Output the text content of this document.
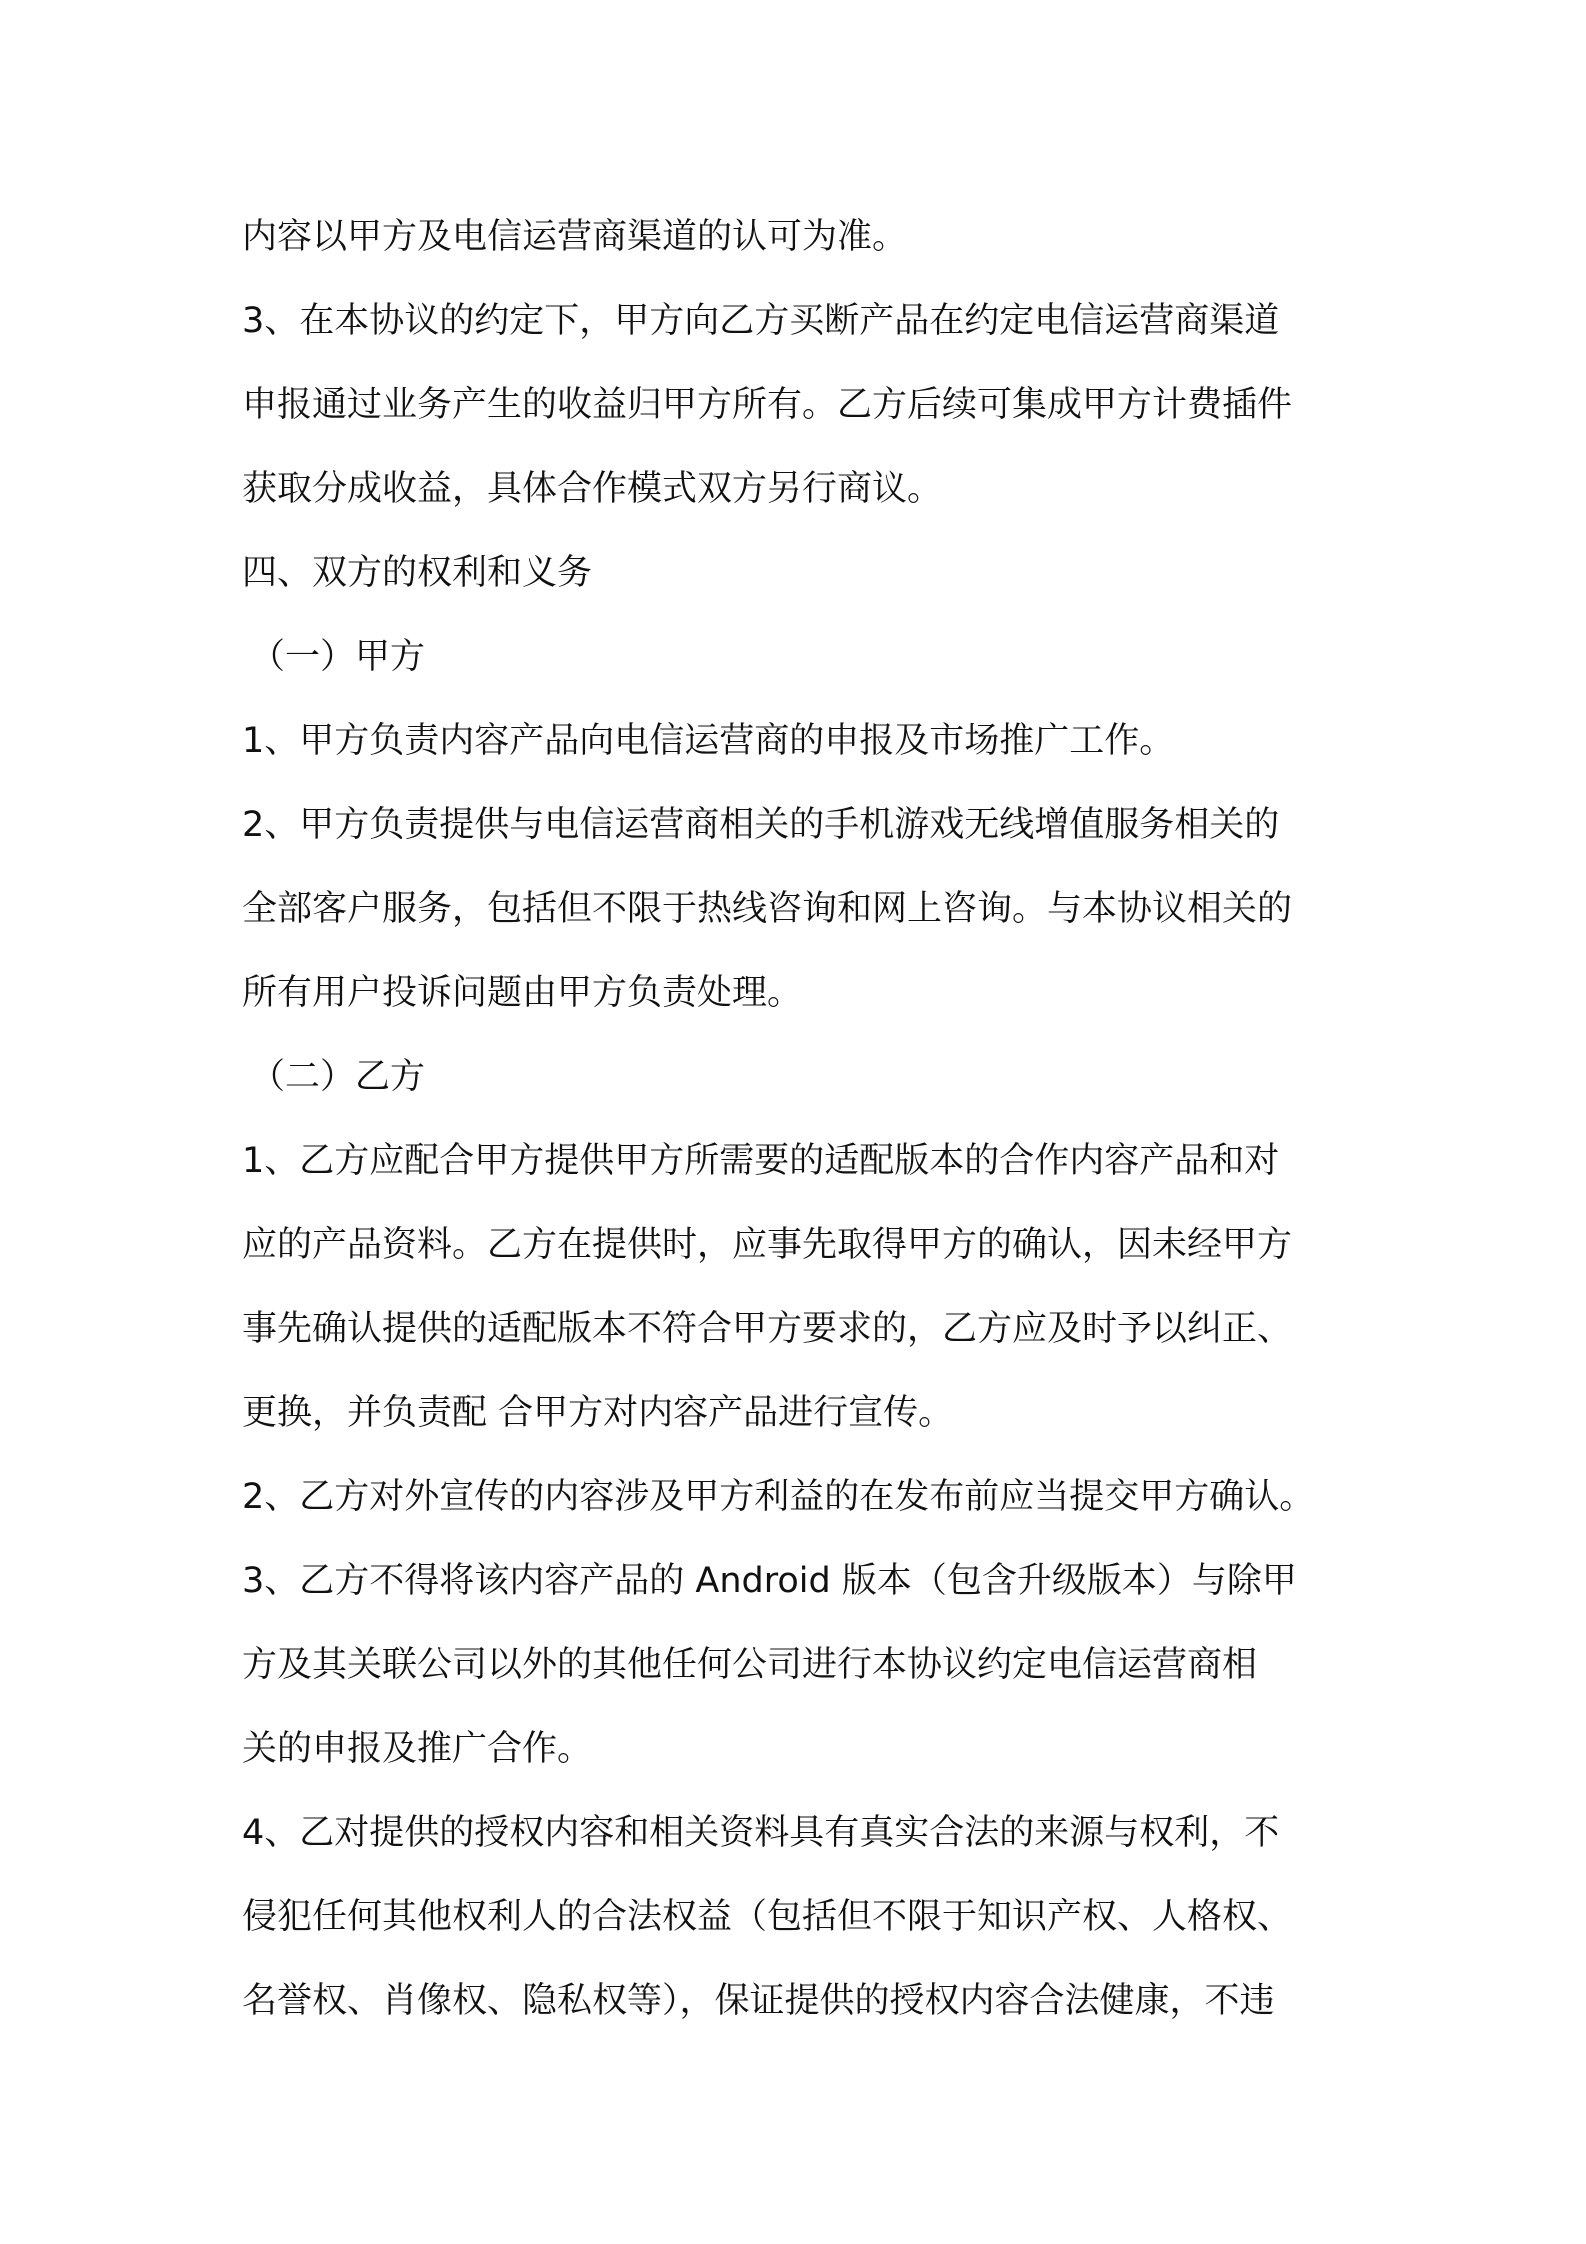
内容以甲方及电信运营商渠道的认可为准。
3、在本协议的约定下，甲方向乙方买断产品在约定电信运营商渠道
申报通过业务产生的收益归甲方所有。乙方后续可集成甲方计费插件
获取分成收益，具体合作模式双方另行商议。
四、双方的权利和义务
（一）甲方
1、甲方负责内容产品向电信运营商的申报及市场推广工作。
2、甲方负责提供与电信运营商相关的手机游戏无线增值服务相关的
全部客户服务，包括但不限于热线咨询和网上咨询。与本协议相关的
所有用户投诉问题由甲方负责处理。
（二）乙方
1、乙方应配合甲方提供甲方所需要的适配版本的合作内容产品和对
应的产品资料。乙方在提供时，应事先取得甲方的确认，因未经甲方
事先确认提供的适配版本不符合甲方要求的，乙方应及时予以纠正、
更换，并负责配 合甲方对内容产品进行宣传。
2、乙方对外宣传的内容涉及甲方利益的在发布前应当提交甲方确认。
3、乙方不得将该内容产品的 Android 版本（包含升级版本）与除甲
方及其关联公司以外的其他任何公司进行本协议约定电信运营商相
关的申报及推广合作。
4、乙对提供的授权内容和相关资料具有真实合法的来源与权利，不
侵犯任何其他权利人的合法权益（包括但不限于知识产权、人格权、
名誉权、肖像权、隐私权等），保证提供的授权内容合法健康，不违
